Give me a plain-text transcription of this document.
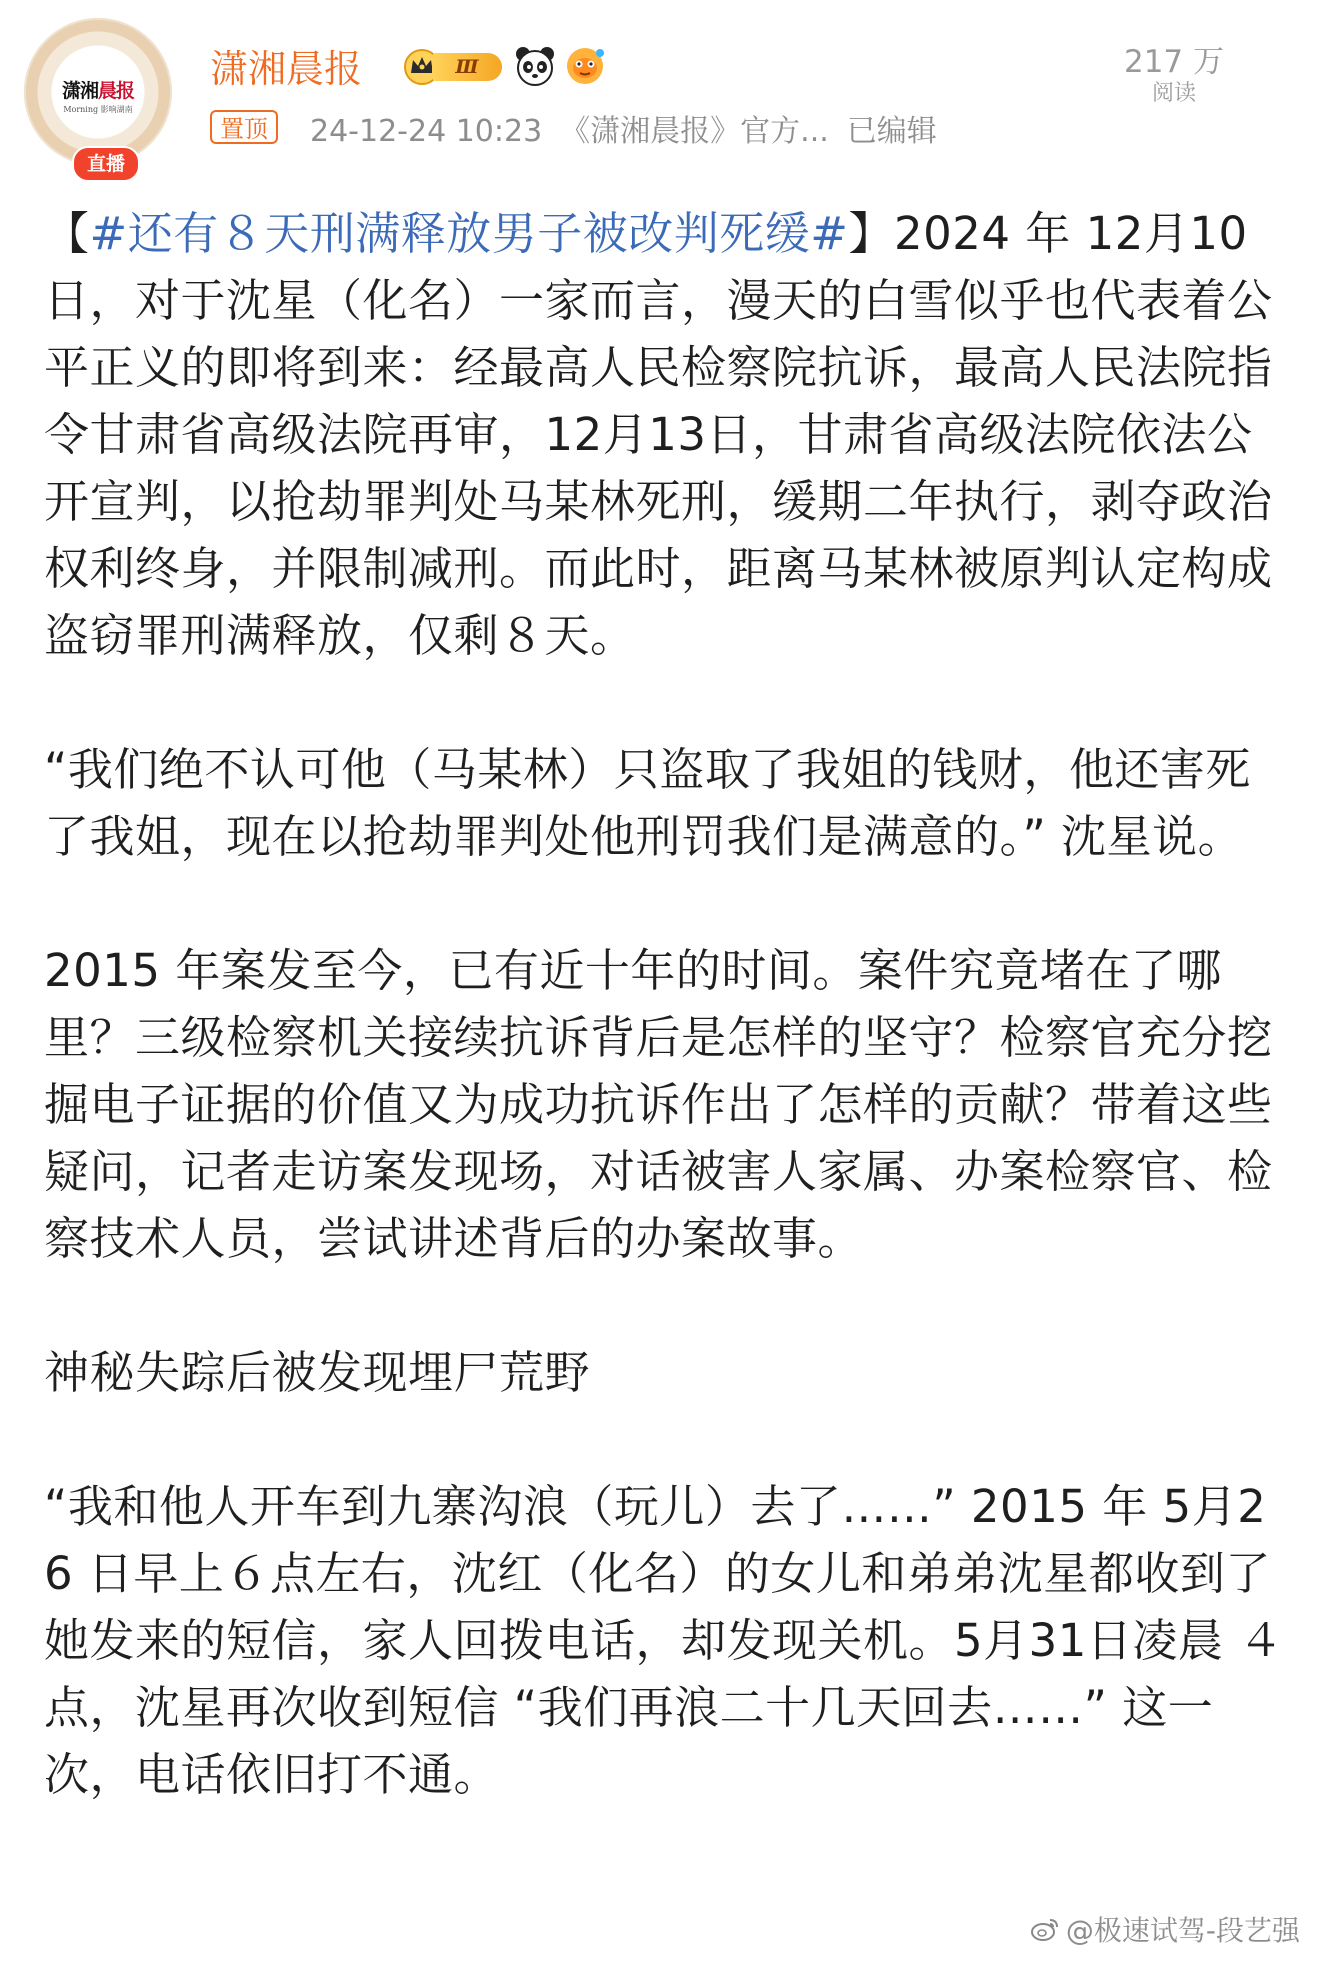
潇湘晨报
Morning 影响湖南
直播
潇湘晨报	Ⅲ
置顶	24-12-24 10:23 《潇湘晨报》官方... 已编辑
217 万
阅读

【#还有８天刑满释放男子被改判死缓#】2024 年 12月10 日，对于沈星（化名）一家而言，漫天的白雪似乎也代表着公平正义的即将到来：经最高人民检察院抗诉，最高人民法院指令甘肃省高级法院再审，12月13日，甘肃省高级法院依法公开宣判，以抢劫罪判处马某林死刑，缓期二年执行，剥夺政治权利终身，并限制减刑。而此时，距离马某林被原判认定构成盗窃罪刑满释放，仅剩８天。

“我们绝不认可他（马某林）只盗取了我姐的钱财，他还害死了我姐，现在以抢劫罪判处他刑罚我们是满意的。” 沈星说。

2015 年案发至今，已有近十年的时间。案件究竟堵在了哪里？三级检察机关接续抗诉背后是怎样的坚守？检察官充分挖掘电子证据的价值又为成功抗诉作出了怎样的贡献？带着这些疑问，记者走访案发现场，对话被害人家属、办案检察官、检察技术人员，尝试讲述背后的办案故事。

神秘失踪后被发现埋尸荒野

“我和他人开车到九寨沟浪（玩儿）去了……” 2015 年 5月26 日早上６点左右，沈红（化名）的女儿和弟弟沈星都收到了她发来的短信，家人回拨电话，却发现关机。5月31日凌晨 ４点，沈星再次收到短信 “我们再浪二十几天回去……” 这一次，电话依旧打不通。

@极速试驾-段艺强
